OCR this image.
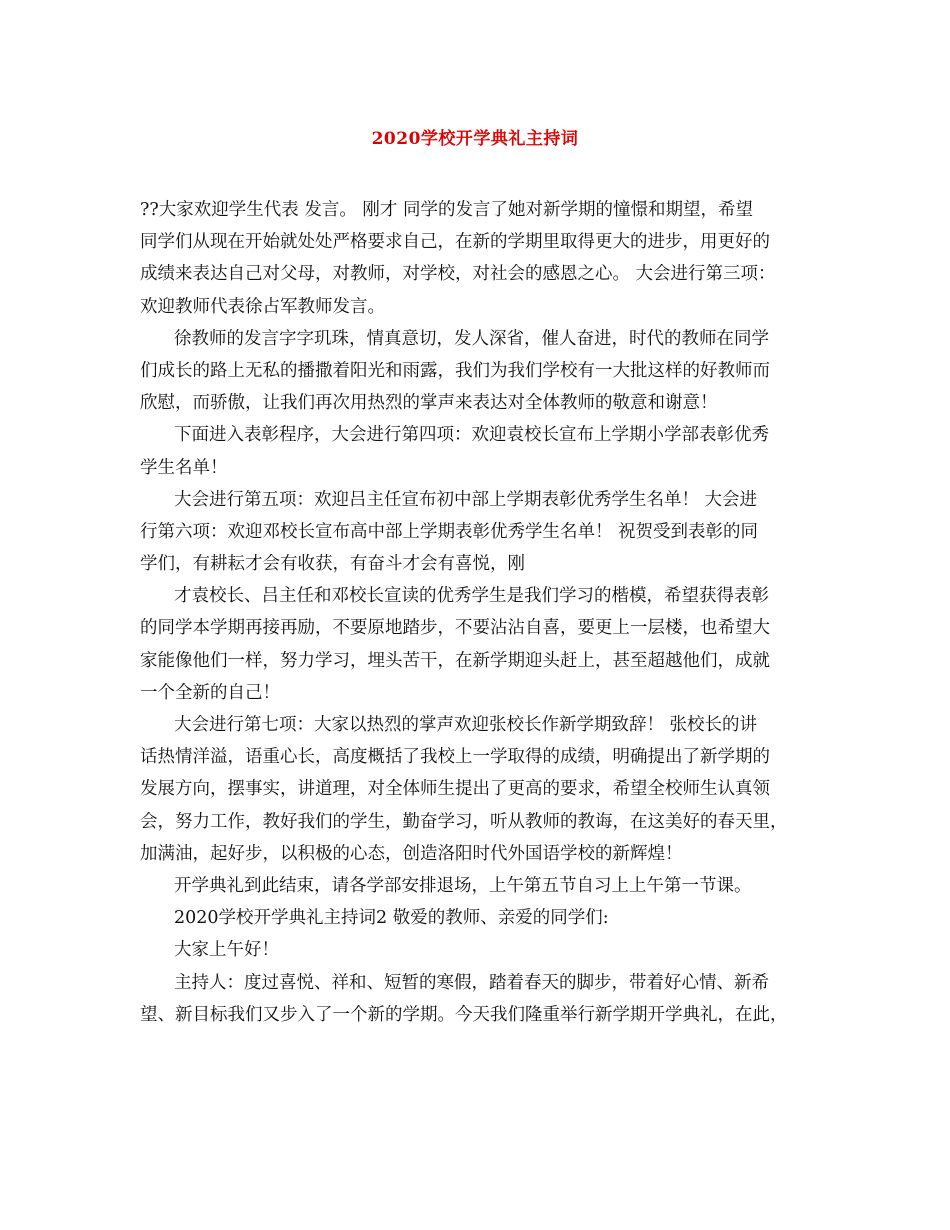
2020学校开学典礼主持词
??大家欢迎学生代表 发言。 刚才 同学的发言了她对新学期的憧憬和期望，希望
同学们从现在开始就处处严格要求自己，在新的学期里取得更大的进步，用更好的
成绩来表达自己对父母，对教师，对学校，对社会的感恩之心。 大会进行第三项：
欢迎教师代表徐占军教师发言。
徐教师的发言字字玑珠，情真意切，发人深省，催人奋进，时代的教师在同学
们成长的路上无私的播撒着阳光和雨露，我们为我们学校有一大批这样的好教师而
欣慰，而骄傲，让我们再次用热烈的掌声来表达对全体教师的敬意和谢意！
下面进入表彰程序，大会进行第四项：欢迎袁校长宣布上学期小学部表彰优秀
学生名单！
大会进行第五项：欢迎吕主任宣布初中部上学期表彰优秀学生名单！ 大会进
行第六项：欢迎邓校长宣布高中部上学期表彰优秀学生名单！ 祝贺受到表彰的同
学们，有耕耘才会有收获，有奋斗才会有喜悦，刚
才袁校长、吕主任和邓校长宣读的优秀学生是我们学习的楷模，希望获得表彰
的同学本学期再接再励，不要原地踏步，不要沾沾自喜，要更上一层楼，也希望大
家能像他们一样，努力学习，埋头苦干，在新学期迎头赶上，甚至超越他们，成就
一个全新的自己！
大会进行第七项：大家以热烈的掌声欢迎张校长作新学期致辞！ 张校长的讲
话热情洋溢，语重心长，高度概括了我校上一学取得的成绩，明确提出了新学期的
发展方向，摆事实，讲道理，对全体师生提出了更高的要求，希望全校师生认真领
会，努力工作，教好我们的学生，勤奋学习，听从教师的教诲，在这美好的春天里，
加满油，起好步，以积极的心态，创造洛阳时代外国语学校的新辉煌！
开学典礼到此结束，请各学部安排退场，上午第五节自习上上午第一节课。
2020学校开学典礼主持词2 敬爱的教师、亲爱的同学们:
大家上午好！
主持人：度过喜悦、祥和、短暂的寒假，踏着春天的脚步，带着好心情、新希
望、新目标我们又步入了一个新的学期。今天我们隆重举行新学期开学典礼，在此，
